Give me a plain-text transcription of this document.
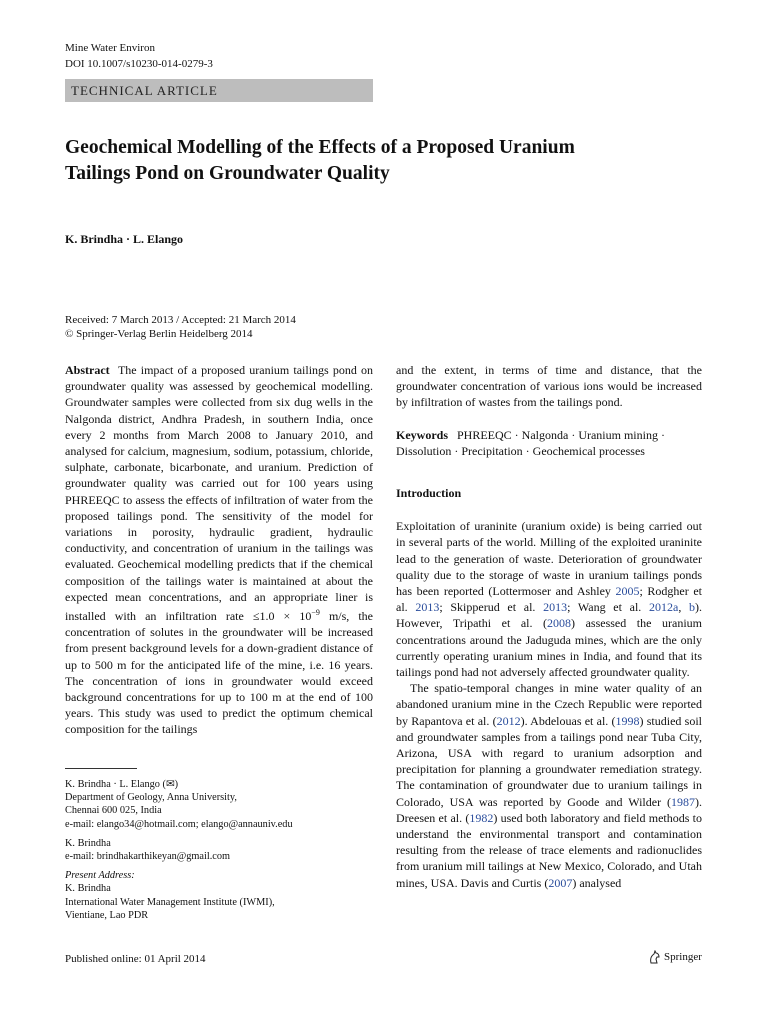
Mine Water Environ
DOI 10.1007/s10230-014-0279-3
TECHNICAL ARTICLE
Geochemical Modelling of the Effects of a Proposed Uranium
Tailings Pond on Groundwater Quality
K. Brindha · L. Elango
Received: 7 March 2013 / Accepted: 21 March 2014
© Springer-Verlag Berlin Heidelberg 2014

Abstract The impact of a proposed uranium tailings pond on groundwater quality was assessed by geochemical modelling. Groundwater samples were collected from six dug wells in the Nalgonda district, Andhra Pradesh, in southern India, once every 2 months from March 2008 to January 2010, and analysed for calcium, magnesium, sodium, potassium, chloride, sulphate, carbonate, bicarbonate, and uranium. Prediction of groundwater quality was carried out for 100 years using PHREEQC to assess the effects of infiltration of water from the proposed tailings pond. The sensitivity of the model for variations in porosity, hydraulic gradient, hydraulic conductivity, and concentration of uranium in the tailings was evaluated. Geochemical modelling predicts that if the chemical composition of the tailings water is maintained at about the expected mean concentrations, and an appropriate liner is installed with an infiltration rate $\le 1.0 \times 10^{-9}$ m/s, the concentration of solutes in the groundwater will be increased from present background levels for a down-gradient distance of up to 500 m for the anticipated life of the mine, i.e. 16 years. The concentration of ions in groundwater would exceed background concentrations for up to 100 m at the end of 100 years. This study was used to predict the optimum chemical composition for the tailings

K. Brindha · L. Elango (✉)

Department of Geology, Anna University,

Chennai 600 025, India

e-mail: elango34@hotmail.com; elango@annauniv.edu

K. Brindha

e-mail: brindhakarthikeyan@gmail.com

Present Address:

K. Brindha

International Water Management Institute (IWMI),

Vientiane, Lao PDR

and the extent, in terms of time and distance, that the groundwater concentration of various ions would be increased by infiltration of wastes from the tailings pond.

Keywords PHREEQC · Nalgonda · Uranium mining · Dissolution · Precipitation · Geochemical processes

Introduction

Exploitation of uraninite (uranium oxide) is being carried out in several parts of the world. Milling of the exploited uraninite lead to the generation of waste. Deterioration of groundwater quality due to the storage of waste in uranium tailings ponds has been reported (Lottermoser and Ashley 2005; Rodgher et al. 2013; Skipperud et al. 2013; Wang et al. 2012a, b). However, Tripathi et al. (2008) assessed the uranium concentrations around the Jaduguda mines, which are the only currently operating uranium mines in India, and found that its tailings pond had not adversely affected groundwater quality.

The spatio-temporal changes in mine water quality of an abandoned uranium mine in the Czech Republic were reported by Rapantova et al. (2012). Abdelouas et al. (1998) studied soil and groundwater samples from a tailings pond near Tuba City, Arizona, USA with regard to uranium adsorption and precipitation for planning a groundwater remediation strategy. The contamination of groundwater due to uranium tailings in Colorado, USA was reported by Goode and Wilder (1987). Dreesen et al. (1982) used both laboratory and field methods to understand the environmental transport and contamination resulting from the release of trace elements and radionuclides from uranium mill tailings at New Mexico, Colorado, and Utah mines, USA. Davis and Curtis (2007) analysed

Published online: 01 April 2014	Springer
